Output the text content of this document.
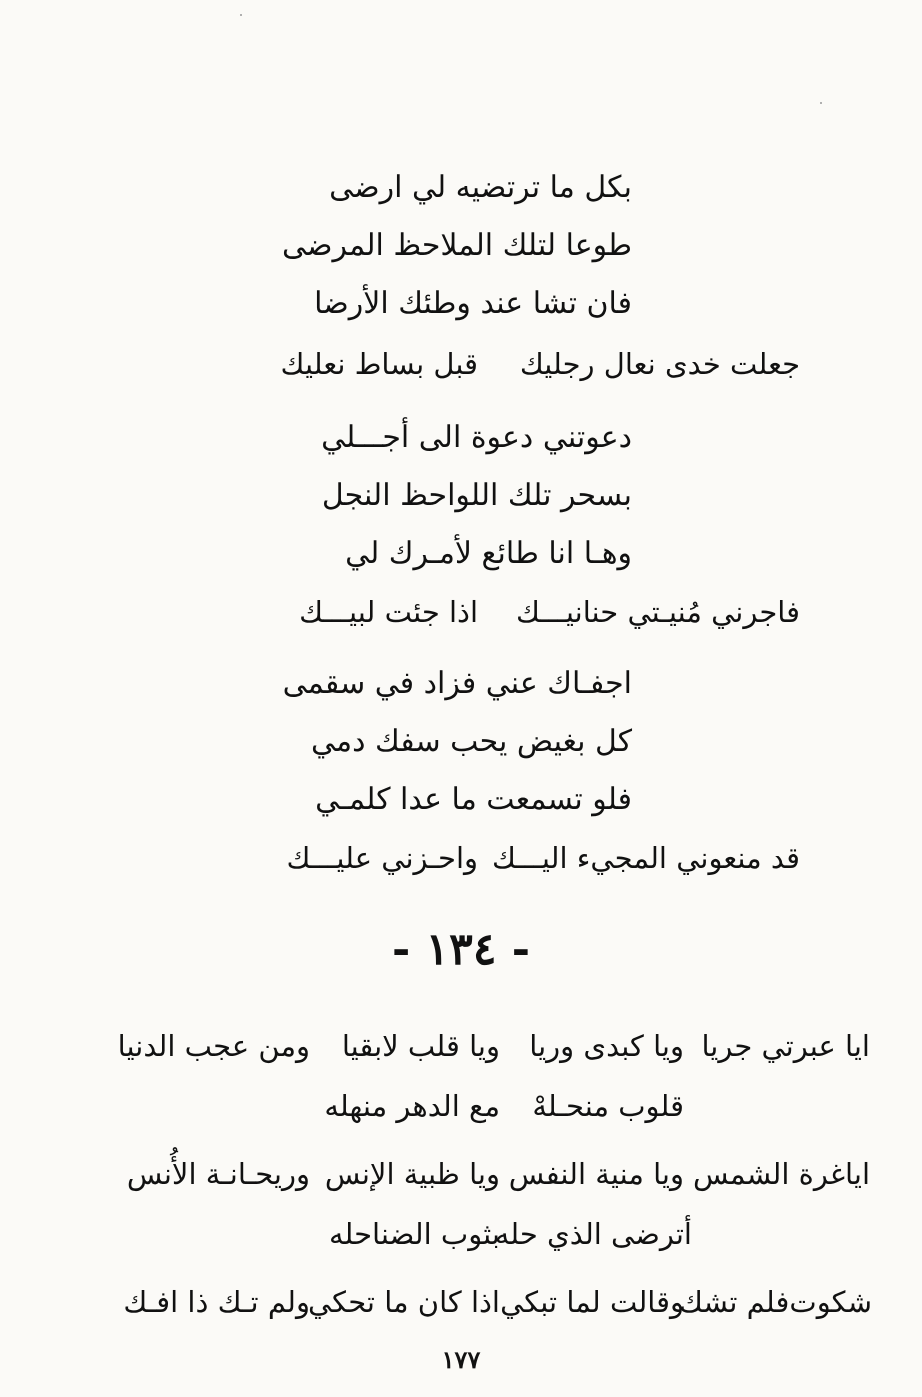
بكل ما ترتضيه لي ارضى
طوعا لتلك الملاحظ المرضى
فان تشا عند وطئك الأرضا
جعلت خدى نعال رجليك
قبل بساط نعليك
دعوتني دعوة الى أجـــلي
بسحر تلك اللواحظ النجل
وهـا انا طائع لأمـرك لي
فاجرني مُنيـتي حنانيـــك
اذا جئت لبيـــك
اجفـاك عني فزاد في سقمى
كل بغيض يحب سفك دمي
فلو تسمعت ما عدا كلمـي
قد منعوني المجيء اليـــك
واحـزني عليـــك
- ١٣٤ -
ايا عبرتي جريا
ويا كبدى وريا
ويا قلب لابقيا
ومن عجب الدنيا
قلوب منحـلهْ
مع الدهر منهله
اياغرة الشمس
ويا منية النفس
ويا ظبية الإنس
وريحـانـة الأُنس
أترضى الذي حله
بثوب الضناحله
شكوت‌فلم تشك
وقالت لما تبكي
اذا كان ما تحكي
ولم تـك ذا افـك
١٧٧
